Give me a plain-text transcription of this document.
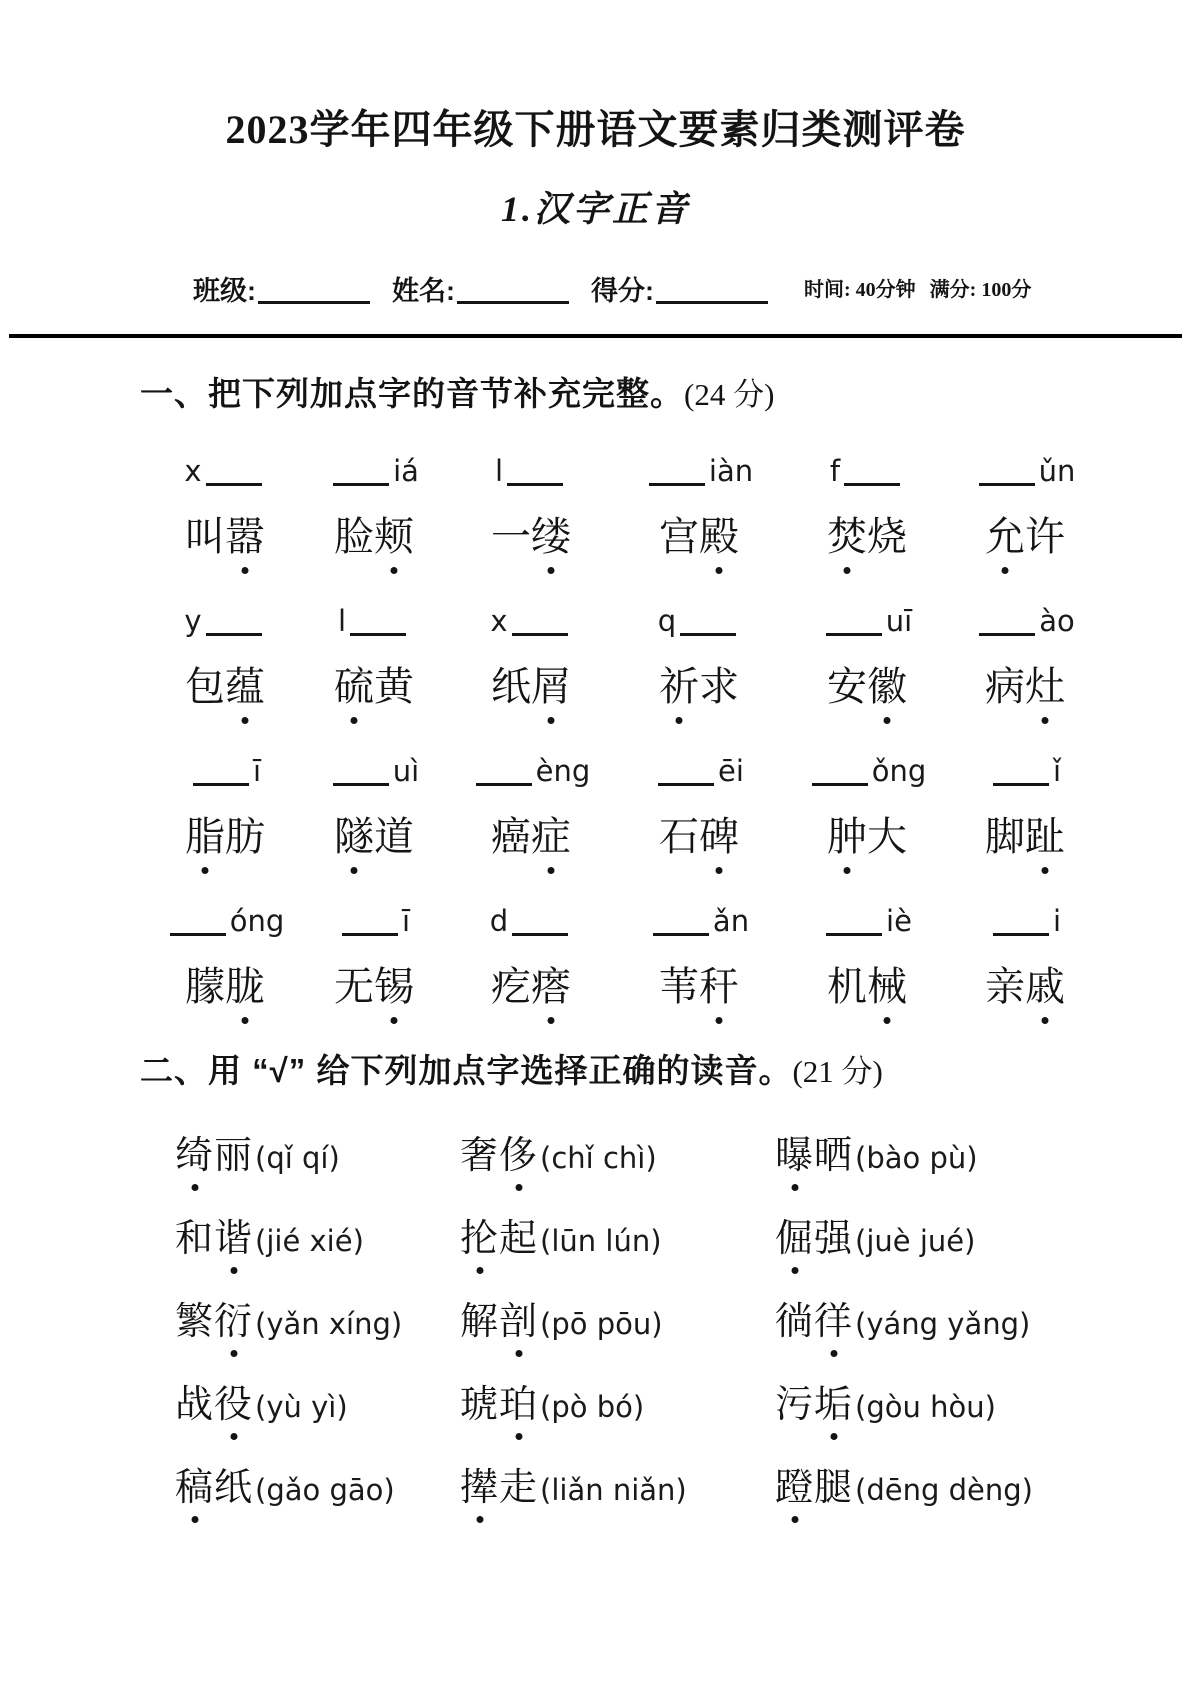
2023学年四年级下册语文要素归类测评卷
1.汉字正音
班级:	姓名:	得分:	时间: 40分钟 满分: 100分
一、把下列加点字的音节补充完整。(24 分)
x	iá	l	iàn	f	ǔn
叫嚣	脸颊	一缕	宫殿	焚烧	允许
y	l	x	q	uī	ào
包蕴	硫黄	纸屑	祈求	安徽	病灶
ī	uì	èng	ēi	ǒng	ǐ
脂肪	隧道	癌症	石碑	肿大	脚趾
óng	ī	d	ǎn	iè	i
朦胧	无锡	疙瘩	苇秆	机械	亲戚
二、用 “√” 给下列加点字选择正确的读音。(21 分)
绮丽(qǐ qí)	奢侈(chǐ chì)	曝晒(bào pù)
和谐(jié xié)	抡起(lūn lún)	倔强(juè jué)
繁衍(yǎn xíng)	解剖(pō pōu)	徜徉(yáng yǎng)
战役(yù yì)	琥珀(pò bó)	污垢(gòu hòu)
稿纸(gǎo gāo)	撵走(liǎn niǎn)	蹬腿(dēng dèng)
